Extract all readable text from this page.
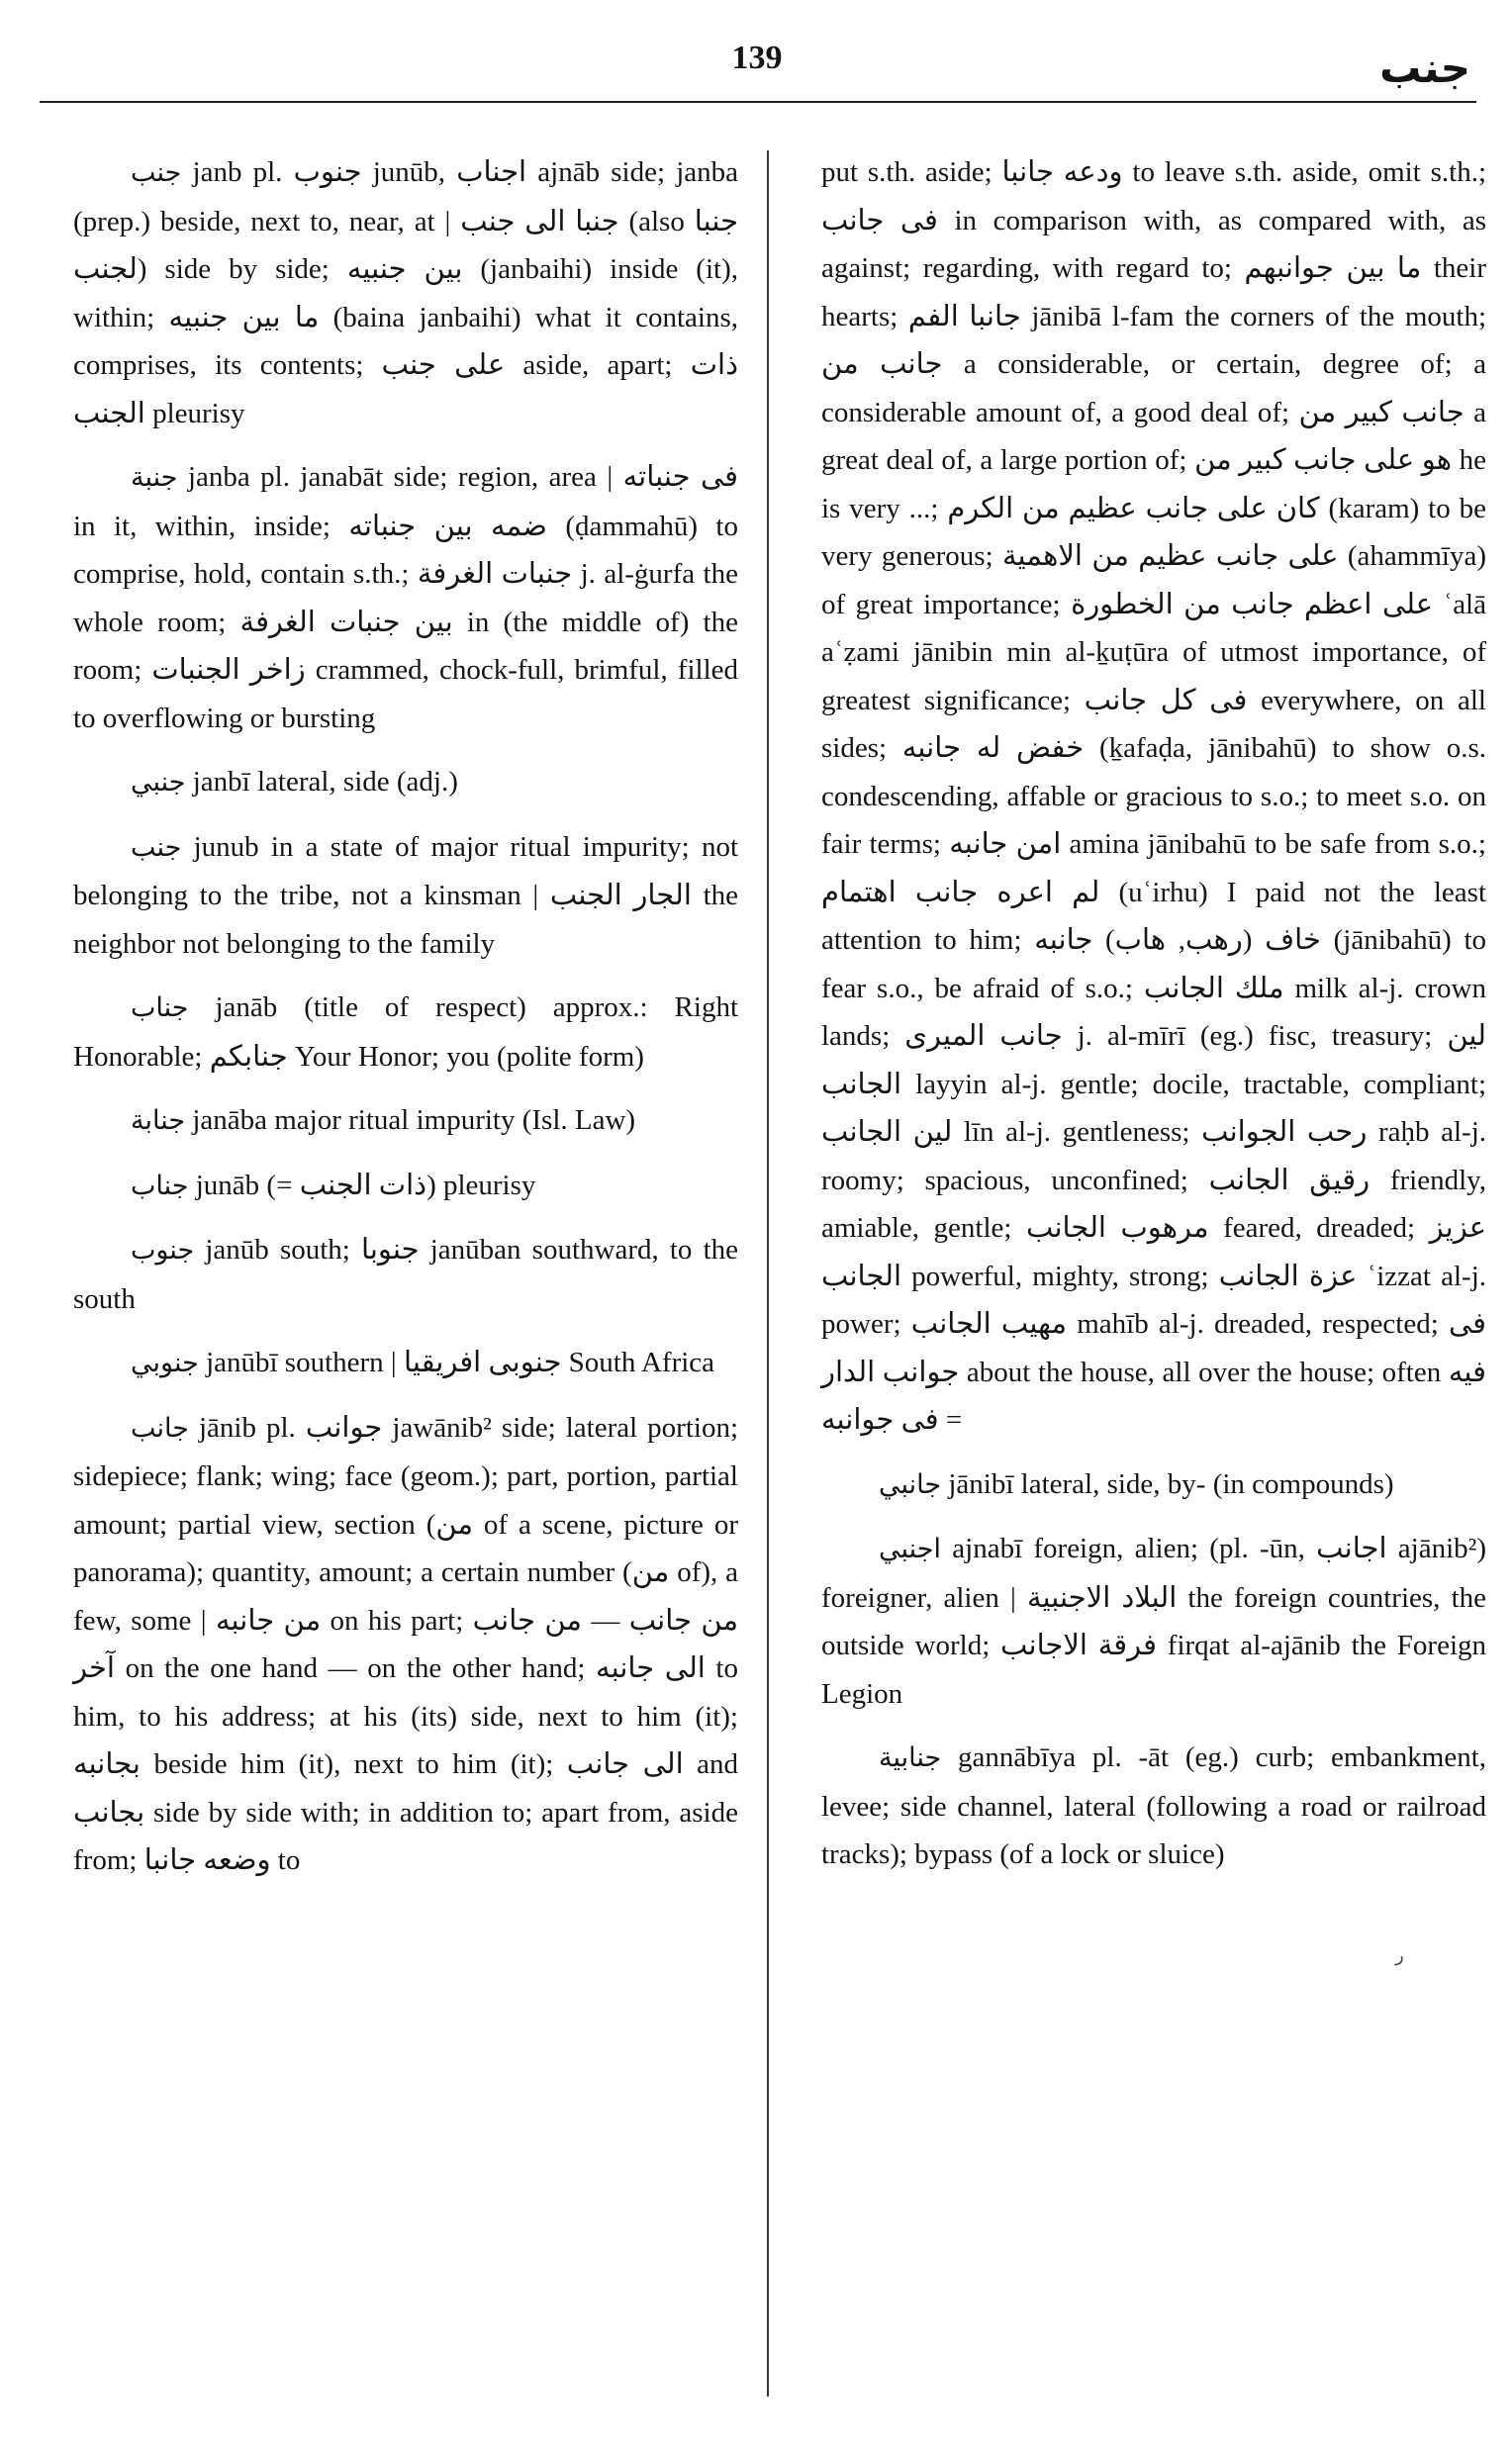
139	جنب

جنب janb pl. جنوب junūb, اجناب ajnāb side; janba (prep.) beside, next to, near, at | جنبا الى جنب (also جنبا لجنب) side by side; بين جنبيه (janbaihi) inside (it), within; ما بين جنبيه (baina janbaihi) what it contains, comprises, its contents; على جنب aside, apart; ذات الجنب pleurisy

جنبة janba pl. janabāt side; region, area | فى جنباته in it, within, inside; ضمه بين جنباته (ḍammahū) to comprise, hold, contain s.th.; جنبات الغرفة j. al-ġurfa the whole room; بين جنبات الغرفة in (the middle of) the room; زاخر الجنبات crammed, chock-full, brimful, filled to overflowing or bursting

جنبي janbī lateral, side (adj.)

جنب junub in a state of major ritual impurity; not belonging to the tribe, not a kinsman | الجار الجنب the neighbor not belonging to the family

جناب janāb (title of respect) approx.: Right Honorable; جنابكم Your Honor; you (polite form)

جنابة janāba major ritual impurity (Isl. Law)

جناب junāb (= ذات الجنب) pleurisy

جنوب janūb south; جنوبا janūban southward, to the south

جنوبي janūbī southern | جنوبى افريقيا South Africa

جانب jānib pl. جوانب jawānib² side; lateral portion; sidepiece; flank; wing; face (geom.); part, portion, partial amount; partial view, section (من of a scene, picture or panorama); quantity, amount; a certain number (من of), a few, some | من جانبه on his part; من جانب — من جانب آخر on the one hand — on the other hand; الى جانبه to him, to his address; at his (its) side, next to him (it); بجانبه beside him (it), next to him (it); الى جانب and بجانب side by side with; in addition to; apart from, aside from; وضعه جانبا to

put s.th. aside; ودعه جانبا to leave s.th. aside, omit s.th.; فى جانب in comparison with, as compared with, as against; regarding, with regard to; ما بين جوانبهم their hearts; جانبا الفم jānibā l-fam the corners of the mouth; جانب من a considerable, or certain, degree of; a considerable amount of, a good deal of; جانب كبير من a great deal of, a large portion of; هو على جانب كبير من he is very ...; كان على جانب عظيم من الكرم (karam) to be very generous; على جانب عظيم من الاهمية (ahammīya) of great importance; على اعظم جانب من الخطورة ʿalā aʿẓami jānibin min al-ḵuṭūra of utmost importance, of greatest significance; فى كل جانب everywhere, on all sides; خفض له جانبه (ḵafaḍa, jānibahū) to show o.s. condescending, affable or gracious to s.o.; to meet s.o. on fair terms; امن جانبه amina jānibahū to be safe from s.o.; لم اعره جانب اهتمام (uʿirhu) I paid not the least attention to him; خاف (رهب, هاب) جانبه (jānibahū) to fear s.o., be afraid of s.o.; ملك الجانب milk al-j. crown lands; جانب الميرى j. al-mīrī (eg.) fisc, treasury; لين الجانب layyin al-j. gentle; docile, tractable, compliant; لين الجانب līn al-j. gentleness; رحب الجوانب raḥb al-j. roomy; spacious, unconfined; رقيق الجانب friendly, amiable, gentle; مرهوب الجانب feared, dreaded; عزيز الجانب powerful, mighty, strong; عزة الجانب ʿizzat al-j. power; مهيب الجانب mahīb al-j. dreaded, respected; فى جوانب الدار about the house, all over the house; often فيه = فى جوانبه

جانبي jānibī lateral, side, by- (in compounds)

اجنبي ajnabī foreign, alien; (pl. -ūn, اجانب ajānib²) foreigner, alien | البلاد الاجنبية the foreign countries, the outside world; فرقة الاجانب firqat al-ajānib the Foreign Legion

جنابية gannābīya pl. -āt (eg.) curb; embankment, levee; side channel, lateral (following a road or railroad tracks); bypass (of a lock or sluice)

ر
